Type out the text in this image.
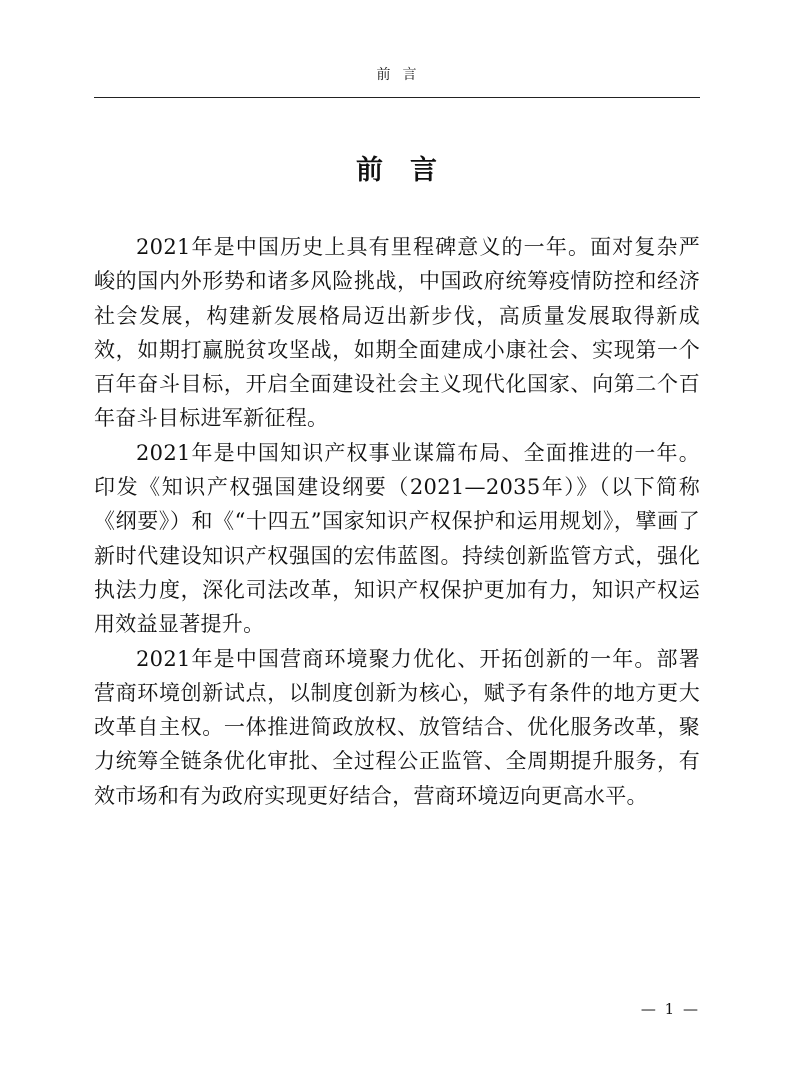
前言
前言

2021年是中国历史上具有里程碑意义的一年。面对复杂严峻的国内外形势和诸多风险挑战，中国政府统筹疫情防控和经济社会发展，构建新发展格局迈出新步伐，高质量发展取得新成效，如期打赢脱贫攻坚战，如期全面建成小康社会、实现第一个百年奋斗目标，开启全面建设社会主义现代化国家、向第二个百年奋斗目标进军新征程。

2021年是中国知识产权事业谋篇布局、全面推进的一年。印发《知识产权强国建设纲要（2021—2035年）》（以下简称《纲要》）和《“十四五”国家知识产权保护和运用规划》，擘画了新时代建设知识产权强国的宏伟蓝图。持续创新监管方式，强化执法力度，深化司法改革，知识产权保护更加有力，知识产权运用效益显著提升。

2021年是中国营商环境聚力优化、开拓创新的一年。部署营商环境创新试点，以制度创新为核心，赋予有条件的地方更大改革自主权。一体推进简政放权、放管结合、优化服务改革，聚力统筹全链条优化审批、全过程公正监管、全周期提升服务，有效市场和有为政府实现更好结合，营商环境迈向更高水平。

— 1 —
